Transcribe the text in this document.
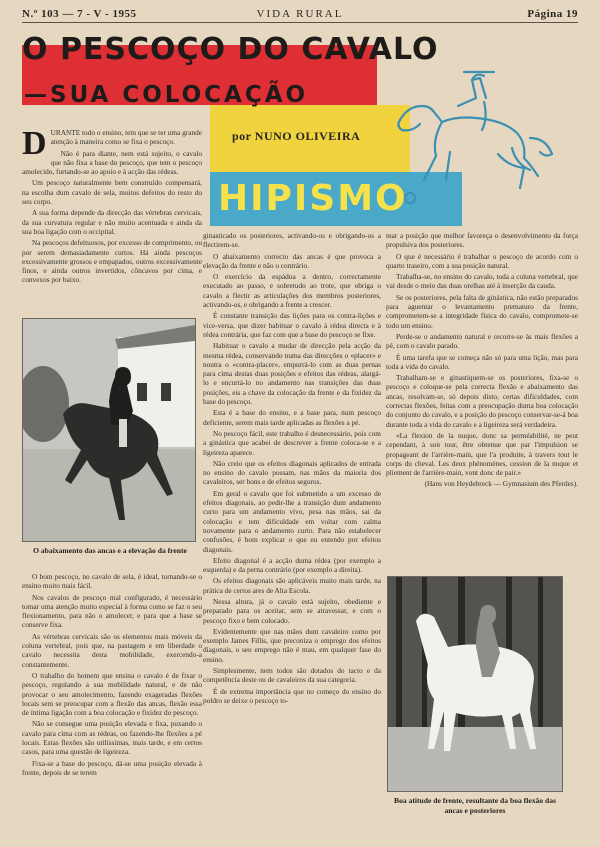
N.º 103 — 7 - V - 1955	VIDA RURAL	Página 19
O PESCOÇO DO CAVALO
—SUA COLOCAÇÃO
por NUNO OLIVEIRA
HIPISMO

DURANTE todo o ensino, tem que se ter uma grande atenção à maneira como se fixa o pescoço.

Não é para diante, nem está sujeito, o cavalo que não fixa a base do pescoço, que tem o pescoço amolecido, furtando-se ao apoio e à acção das rédeas.

Um pescoço naturalmente bem construído compensará, na escolha dum cavalo de sela, muitos defeitos do resto do seu corpo.

A sua forma depende da direcção das vértebras cervicais, da sua curvatura regular e não muito acentuada e ainda da sua boa ligação com o occipital.

Na pescoços defeituosos, por excesso de comprimento, ou por serem demasiadamente curtos. Há ainda pescoços excessivamente grossos e empapados, outros excessivamente finos, e ainda outros invertidos, côncavos por cima, e convexos por baixo.

O abaixamento das ancas e a elevação da frente

O bom pescoço, no cavalo de sela, é ideal, tornando-se o ensino muito mais fácil.

Nos cavalos de pescoço mal configurado, é necessário tomar uma atenção muito especial à forma como se faz o seu flexionamento, para não o amolecer, e para que a base se conserve fixa.

As vértebras cervicais são os elementos mais móveis da coluna vertebral, pois que, na pastagem e em liberdade o cavalo necessita desta mobilidade, exercendo-a constantemente.

O trabalho do homem que ensina o cavalo é de fixar o pescoço, regulando a sua mobilidade natural, e de não provocar o seu amolecimento, fazendo exageradas flexões locais sem se preocupar com a flexão das ancas, flexão essa de íntima ligação com a boa colocação e fixidez do pescoço.

Não se consegue uma posição elevada e fixa, puxando o cavalo para cima com as rédeas, ou fazendo-lhe flexões a pé locais. Estas flexões são utilíssimas, mais tarde, e em certos casos, para uma questão de ligeireza.

Fixa-se a base do pescoço, dá-se uma posição elevada à frente, depois de se terem

ginasticado os posteriores, activando-os e obrigando-os a flectirem-se.

O abaixamento correcto das ancas é que provoca a elevação da frente e não o contrário.

O exercício da espádua a dentro, correctamente executado ao passo, e sobretudo ao trote, que obriga o cavalo a flectir as articulações dos membros posteriores, activando-os, e obrigando a frente a crescer.

É constante transição das lições para os contra-lições e vice-versa, que dizer habituar o cavalo à rédea directa e à rédea contrária, que faz com que a base do pescoço se fixe.

Habituar o cavalo a mudar de direcção pela acção da mesma rédea, conservando numa das direcções o «placer» e noutra o «contra-placer», empurrá-lo com as duas pernas para cima destas duas posições e efeitos das rédeas, alargá-lo e encurtá-lo no andamento nas transições das duas posições, eis a chave da colocação da frente e da fixidez da base do pescoço.

Esta é a base do ensino, e a base para, num pescoço deficiente, serem mais tarde aplicadas as flexões a pé.

No pescoço fácil, este trabalho é desnecessário, pois com a ginástica que acabei de descrever a frente coloca-se e a ligeireza aparece.

Não creio que os efeitos diagonais aplicados de entrada no ensino do cavalo possam, nas mãos da maioria dos cavaleiros, ser bons e de efeitos seguros.

Em geral o cavalo que foi submetido a um excesso de efeitos diagonais, ao pedir-lhe a transição dum andamento curto para um andamento vivo, pesa nas mãos, sai da colocação e tem dificuldade em voltar com calma novamente para o andamento curto. Para não estabelecer confusões, é bom explicar o que eu entendo por efeitos diagonais.

Efeito diagonal é a acção duma rédea (por exemplo a esquerda) e da perna contrário (por exemplo a direita).

Os efeitos diagonais são aplicáveis muito mais tarde, na prática de certos ares de Alta Escola.

Nessa altura, já o cavalo está sujeito, obediente e preparado para os aceitar, sem se atravessar, e com o pescoço fixo e bem colocado.

Evidentemente que nas mãos dum cavaleiro como por exemplo James Fillis, que preconiza o emprego dos efeitos diagonais, o seu emprego não é mau, em qualquer fase do ensino.

Simplesmente, nem todos são dotados do tacto e da competência deste ou de cavaleiros da sua categoria.

É de extrema importância que no começo do ensino do poldro se deixe o pescoço to-

mar a posição que melhor favoreça o desenvolvimento da força propulsiva dos posteriores.

O que é necessário é trabalhar o pescoço de acordo com o quarto traseiro, com a sua posição natural.

Trabalha-se, no ensino do cavalo, toda a coluna vertebral, que vai desde o meio das duas orelhas até à inserção da cauda.

Se os posteriores, pela falta de ginástica, não estão preparados para aguentar o levantamento prematuro da frente, comprometem-se a integridade física do cavalo, compromete-se todo um ensino.

Perde-se o andamento natural e recorre-se às mais flexões a pé, com o cavalo parado.

É uma tarefa que se começa não só para uma lição, mas para toda a vida do cavalo.

Trabalham-se e ginastiquem-se os posteriores, fixa-se o pescoço e coloque-se pela correcta flexão e abaixamento das ancas, resolvam-se, só depois disto, certas dificuldades, com correctas flexões, feitas com a preocupação duma boa colocação do conjunto do cavalo, e a posição do pescoço conservar-se-á boa durante toda a vida do cavalo e a ligeireza será verdadeira.

«La flexion de la nuque, donc sa perméabilité, ne peut cependant, à son tour, être obtenue que par l'impulsion se propageant de l'arrière-main, que l'a produite, à travers tout le corps du cheval. Les deux phénomènes, cession de la nuque et pliement de l'arrière-main, vont donc de pair.»

(Hans von Heydebreck — Gymnasium des Pferdes).

Boa atitude de frente, resultante da boa flexão das ancas e posteriores
